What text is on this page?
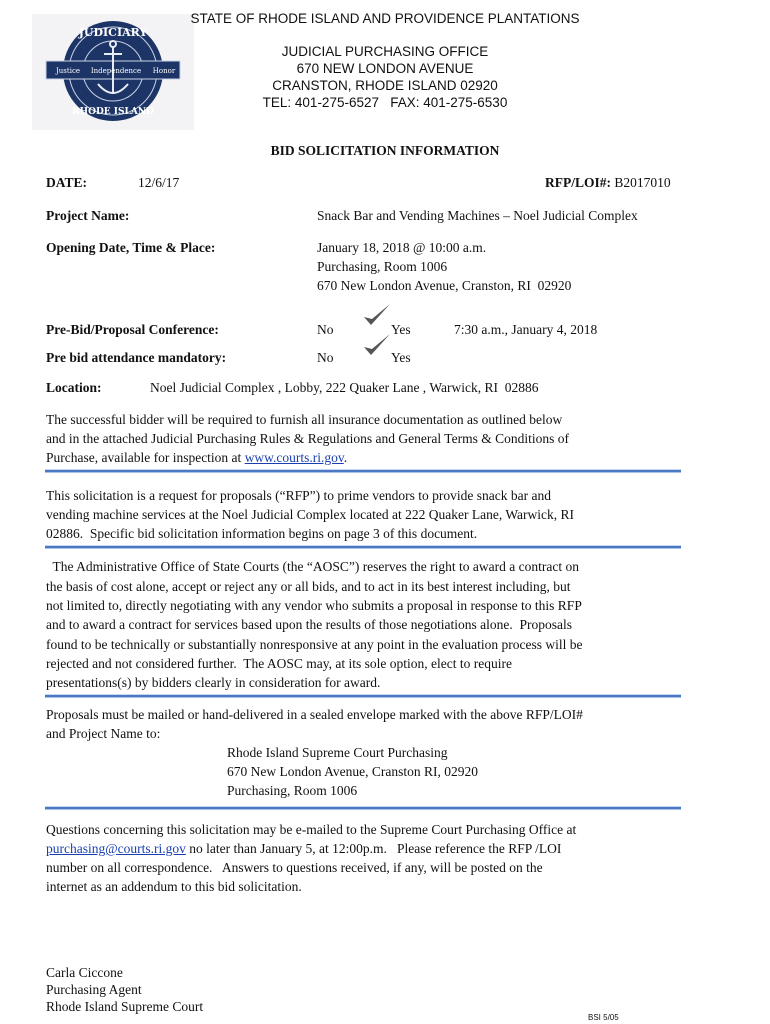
JUDICIARY
RHODE ISLAND
Justice Independence Honor
STATE OF RHODE ISLAND AND PROVIDENCE PLANTATIONS
JUDICIAL PURCHASING OFFICE
670 NEW LONDON AVENUE
CRANSTON, RHODE ISLAND 02920
TEL: 401-275-6527   FAX: 401-275-6530
BID SOLICITATION INFORMATION
DATE:	12/6/17	RFP/LOI#: B2017010
Project Name:	Snack Bar and Vending Machines – Noel Judicial Complex
Opening Date, Time & Place:	January 18, 2018 @ 10:00 a.m.
Purchasing, Room 1006
670 New London Avenue, Cranston, RI  02920
Pre-Bid/Proposal Conference:	No	Yes	7:30 a.m., January 4, 2018
Pre bid attendance mandatory:	No	Yes
Location:	Noel Judicial Complex , Lobby, 222 Quaker Lane , Warwick, RI  02886
The successful bidder will be required to furnish all insurance documentation as outlined below
and in the attached Judicial Purchasing Rules & Regulations and General Terms & Conditions of
Purchase, available for inspection at www.courts.ri.gov.
This solicitation is a request for proposals (“RFP”) to prime vendors to provide snack bar and
vending machine services at the Noel Judicial Complex located at 222 Quaker Lane, Warwick, RI
02886.  Specific bid solicitation information begins on page 3 of this document.
The Administrative Office of State Courts (the “AOSC”) reserves the right to award a contract on
the basis of cost alone, accept or reject any or all bids, and to act in its best interest including, but
not limited to, directly negotiating with any vendor who submits a proposal in response to this RFP
and to award a contract for services based upon the results of those negotiations alone.  Proposals
found to be technically or substantially nonresponsive at any point in the evaluation process will be
rejected and not considered further.  The AOSC may, at its sole option, elect to require
presentations(s) by bidders clearly in consideration for award.
Proposals must be mailed or hand-delivered in a sealed envelope marked with the above RFP/LOI#
and Project Name to:
Rhode Island Supreme Court Purchasing
670 New London Avenue, Cranston RI, 02920
Purchasing, Room 1006
Questions concerning this solicitation may be e-mailed to the Supreme Court Purchasing Office at
purchasing@courts.ri.gov no later than January 5, at 12:00p.m.   Please reference the RFP /LOI
number on all correspondence.   Answers to questions received, if any, will be posted on the
internet as an addendum to this bid solicitation.
Carla Ciccone
Purchasing Agent
Rhode Island Supreme Court
BSI 5/05
